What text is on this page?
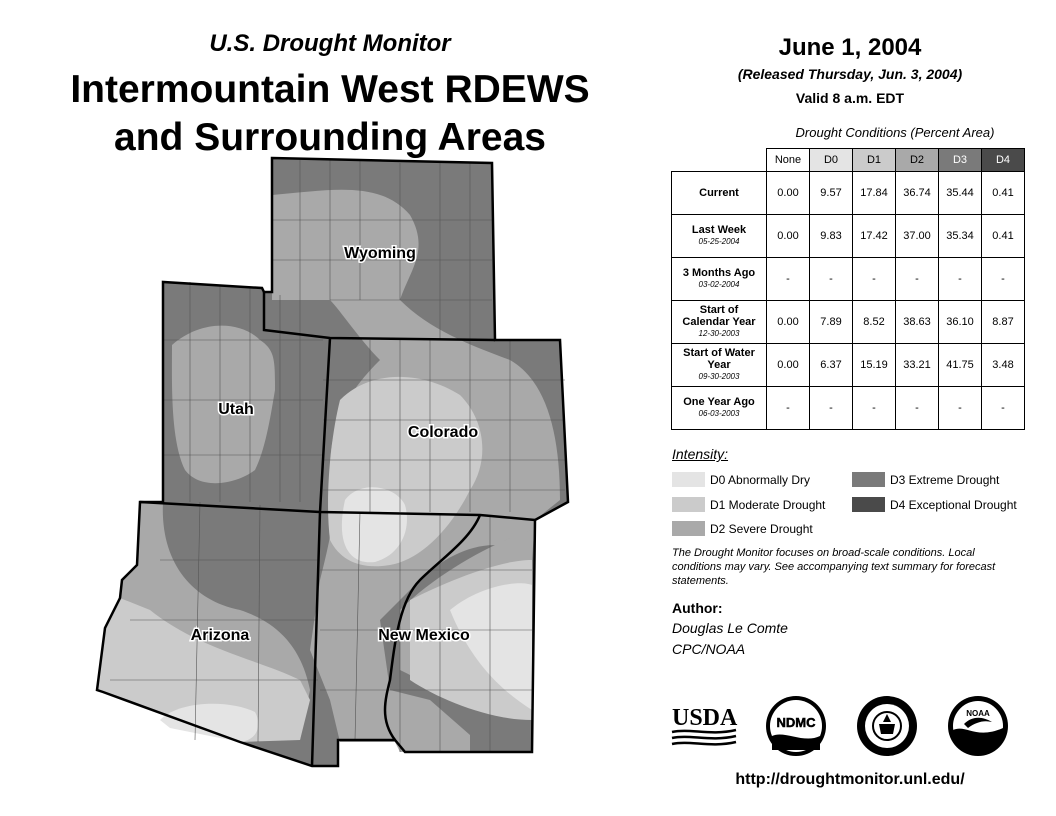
Wyoming
Utah
Colorado
Arizona	New Mexico
U.S. Drought Monitor
Intermountain West RDEWS
and Surrounding Areas
June 1, 2004
(Released Thursday, Jun. 3, 2004)
Valid 8 a.m. EDT
Drought Conditions (Percent Area)
	None	D0	D1	D2	D3	D4

Current	0.00	9.57	17.84	36.74	35.44	0.41

Last Week
05-25-2004	0.00	9.83	17.42	37.00	35.34	0.41

3 Months Ago
03-02-2004	-	-	-	-	-	-

Start of Calendar Year
12-30-2003	0.00	7.89	8.52	38.63	36.10	8.87

Start of Water Year
09-30-2003	0.00	6.37	15.19	33.21	41.75	3.48

One Year Ago
06-03-2003	-	-	-	-	-	-
Intensity:
D0 Abnormally Dry
D1 Moderate Drought
D2 Severe Drought
D3 Extreme Drought
D4 Exceptional Drought
The Drought Monitor focuses on broad-scale conditions. Local conditions may vary. See accompanying text summary for forecast statements.
Author:
Douglas Le Comte
CPC/NOAA
USDA	NDMC
NOAA
http://droughtmonitor.unl.edu/
